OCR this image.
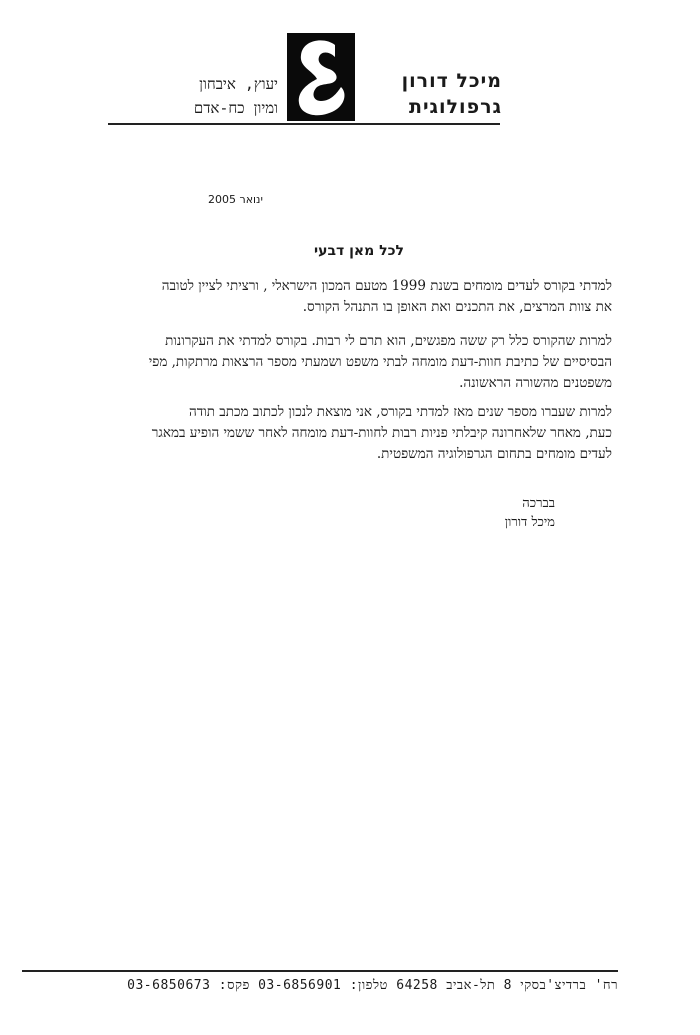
מיכל דורון
גרפולוגית
יעוץ, איבחון
ומיון כח-אדם
ינואר 2005
לכל מאן דבעי
למדתי בקורס לעדים מומחים בשנת 1999 מטעם המכון הישראלי , ורציתי לציין לטובה
את צוות המרצים, את התכנים ואת האופן בו התנהל הקורס.
למרות שהקורס כלל רק ששה מפגשים, הוא תרם לי רבות. בקורס למדתי את העקרונות
הבסיסיים של כתיבת חוות-דעת מומחה לבתי משפט ושמעתי מספר הרצאות מרתקות, מפי
משפטנים מהשורה הראשונה.
למרות שעברו מספר שנים מאז למדתי בקורס, אני מוצאת לנכון לכתוב מכתב תודה
כעת, מאחר שלאחרונה קיבלתי פניות רבות לחוות-דעת מומחה לאחר ששמי הופיע במאגר
לעדים מומחים בתחום הגרפולוגיה המשפטית.
בברכה
מיכל דורון
רח' ברדיצ'בסקי 8 תל-אביב 64258 טלפון: 03-6856901 פקס: 03-6850673
